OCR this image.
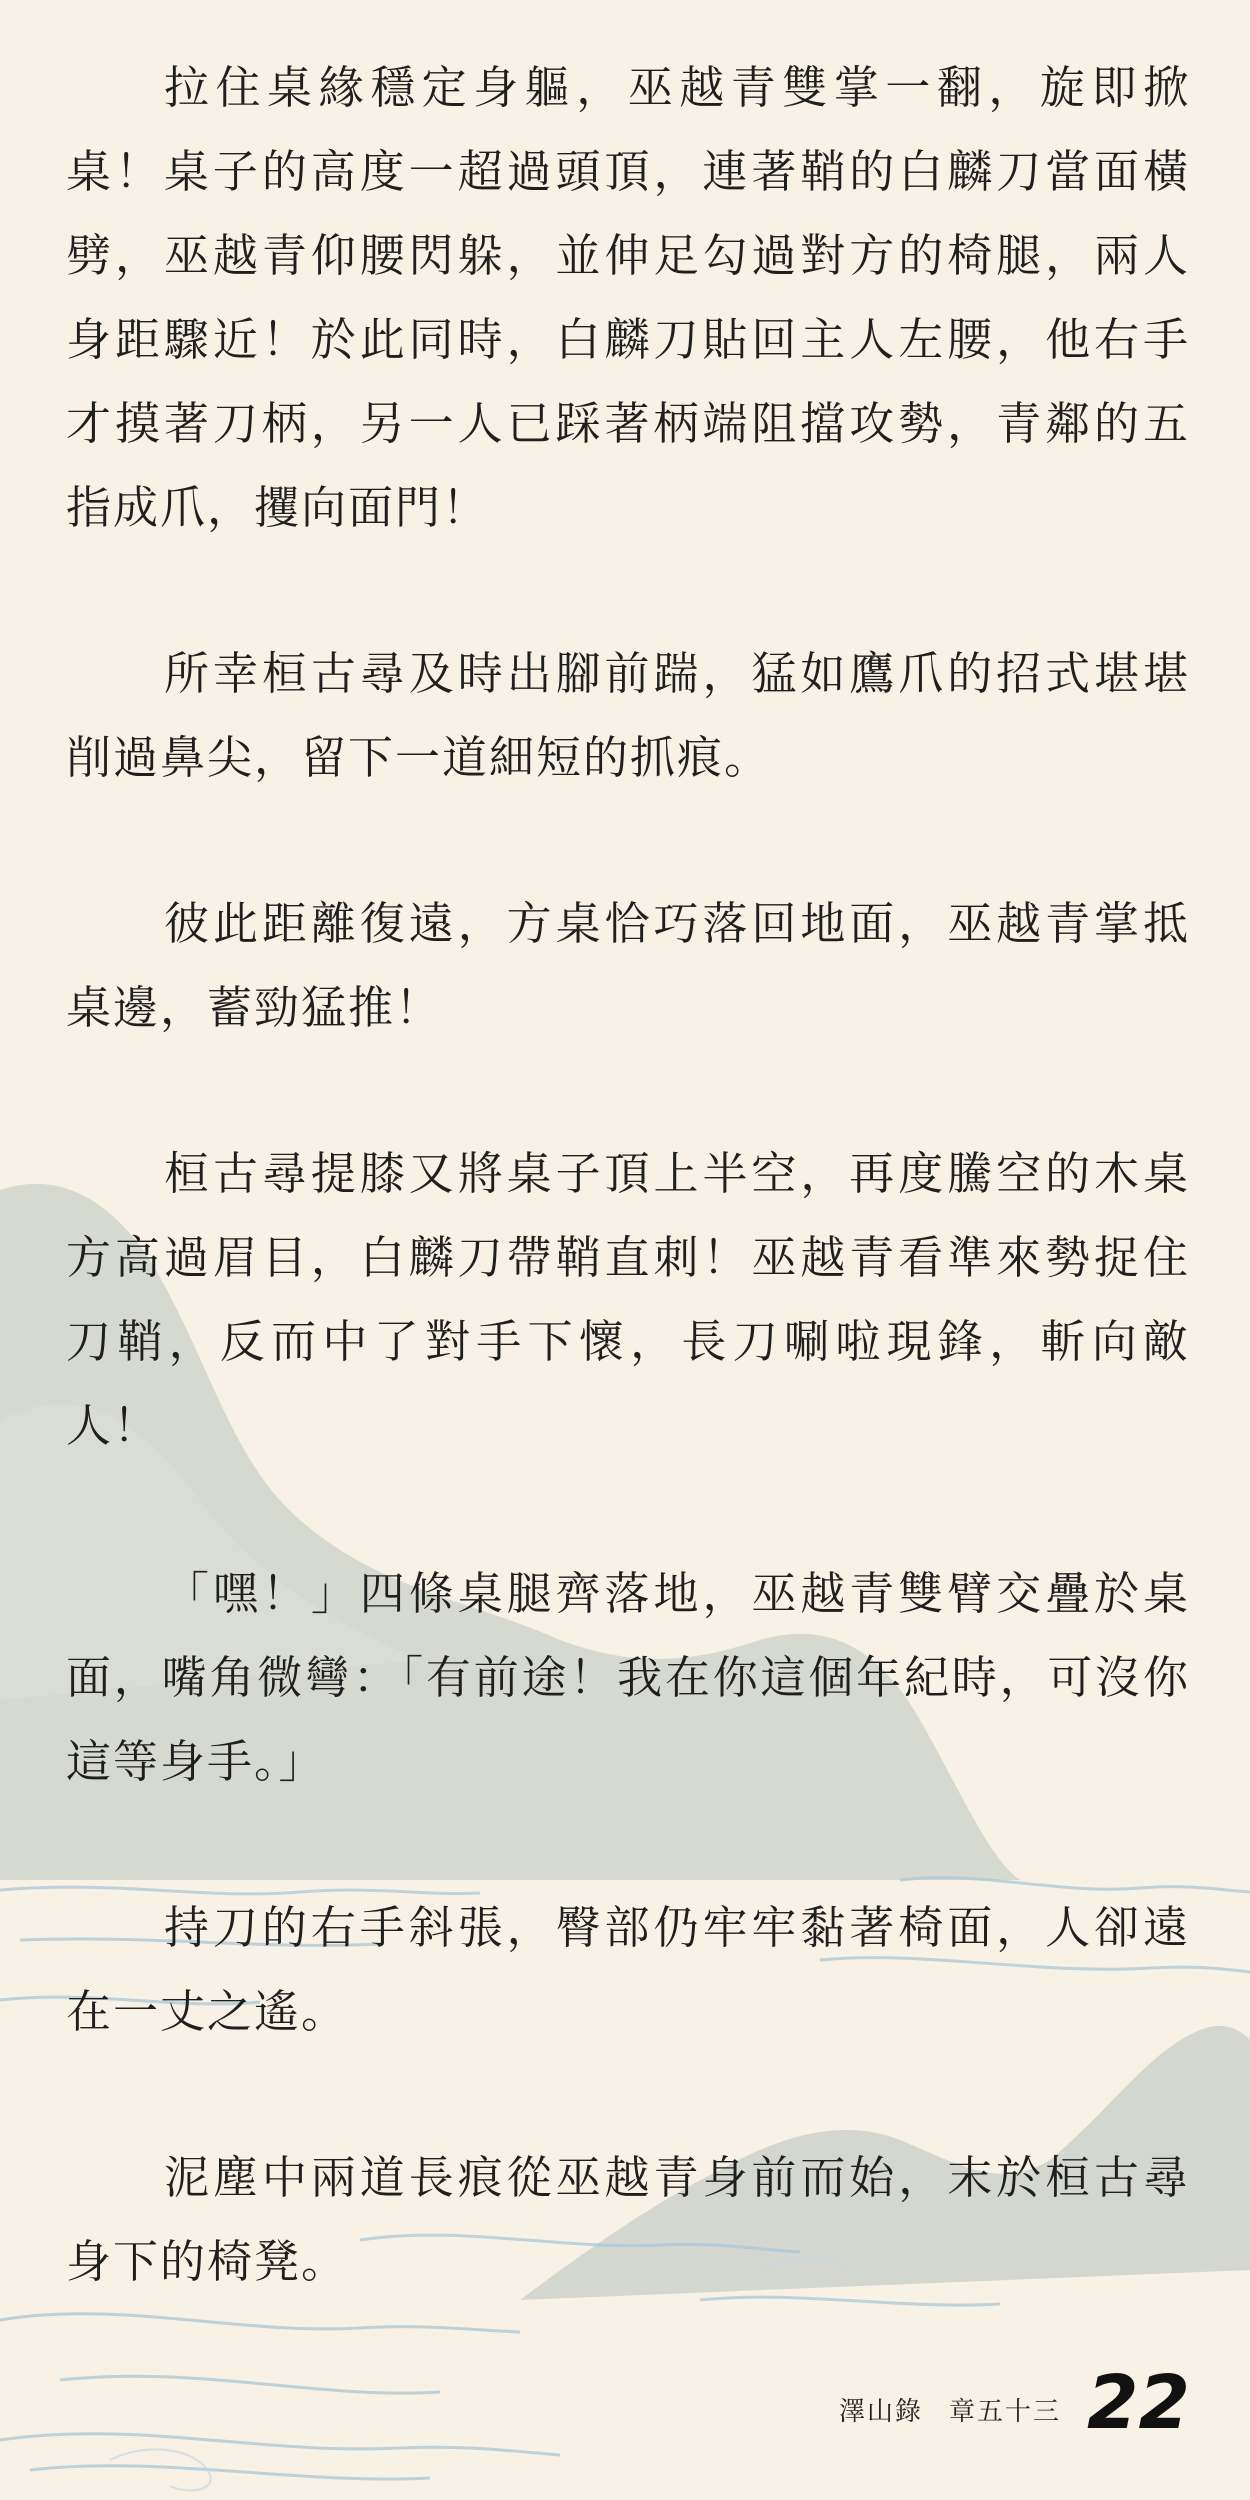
拉住桌緣穩定身軀，巫越青雙掌一翻，旋即掀桌！桌子的高度一超過頭頂，連著鞘的白麟刀當面橫劈，巫越青仰腰閃躲，並伸足勾過對方的椅腿，兩人身距驟近！於此同時，白麟刀貼回主人左腰，他右手才摸著刀柄，另一人已踩著柄端阻擋攻勢，青鄰的五指成爪，攫向面門！

所幸桓古尋及時出腳前踹，猛如鷹爪的招式堪堪削過鼻尖，留下一道細短的抓痕。

彼此距離復遠，方桌恰巧落回地面，巫越青掌抵桌邊，蓄勁猛推！

桓古尋提膝又將桌子頂上半空，再度騰空的木桌方高過眉目，白麟刀帶鞘直刺！巫越青看準來勢捉住刀鞘，反而中了對手下懷，長刀唰啦現鋒，斬向敵人！

「嘿！」四條桌腿齊落地，巫越青雙臂交疊於桌面，嘴角微彎：「有前途！我在你這個年紀時，可沒你這等身手。」

持刀的右手斜張，臀部仍牢牢黏著椅面，人卻遠在一丈之遙。

泥塵中兩道長痕從巫越青身前而始，末於桓古尋身下的椅凳。

澤山錄 章五十三 22
